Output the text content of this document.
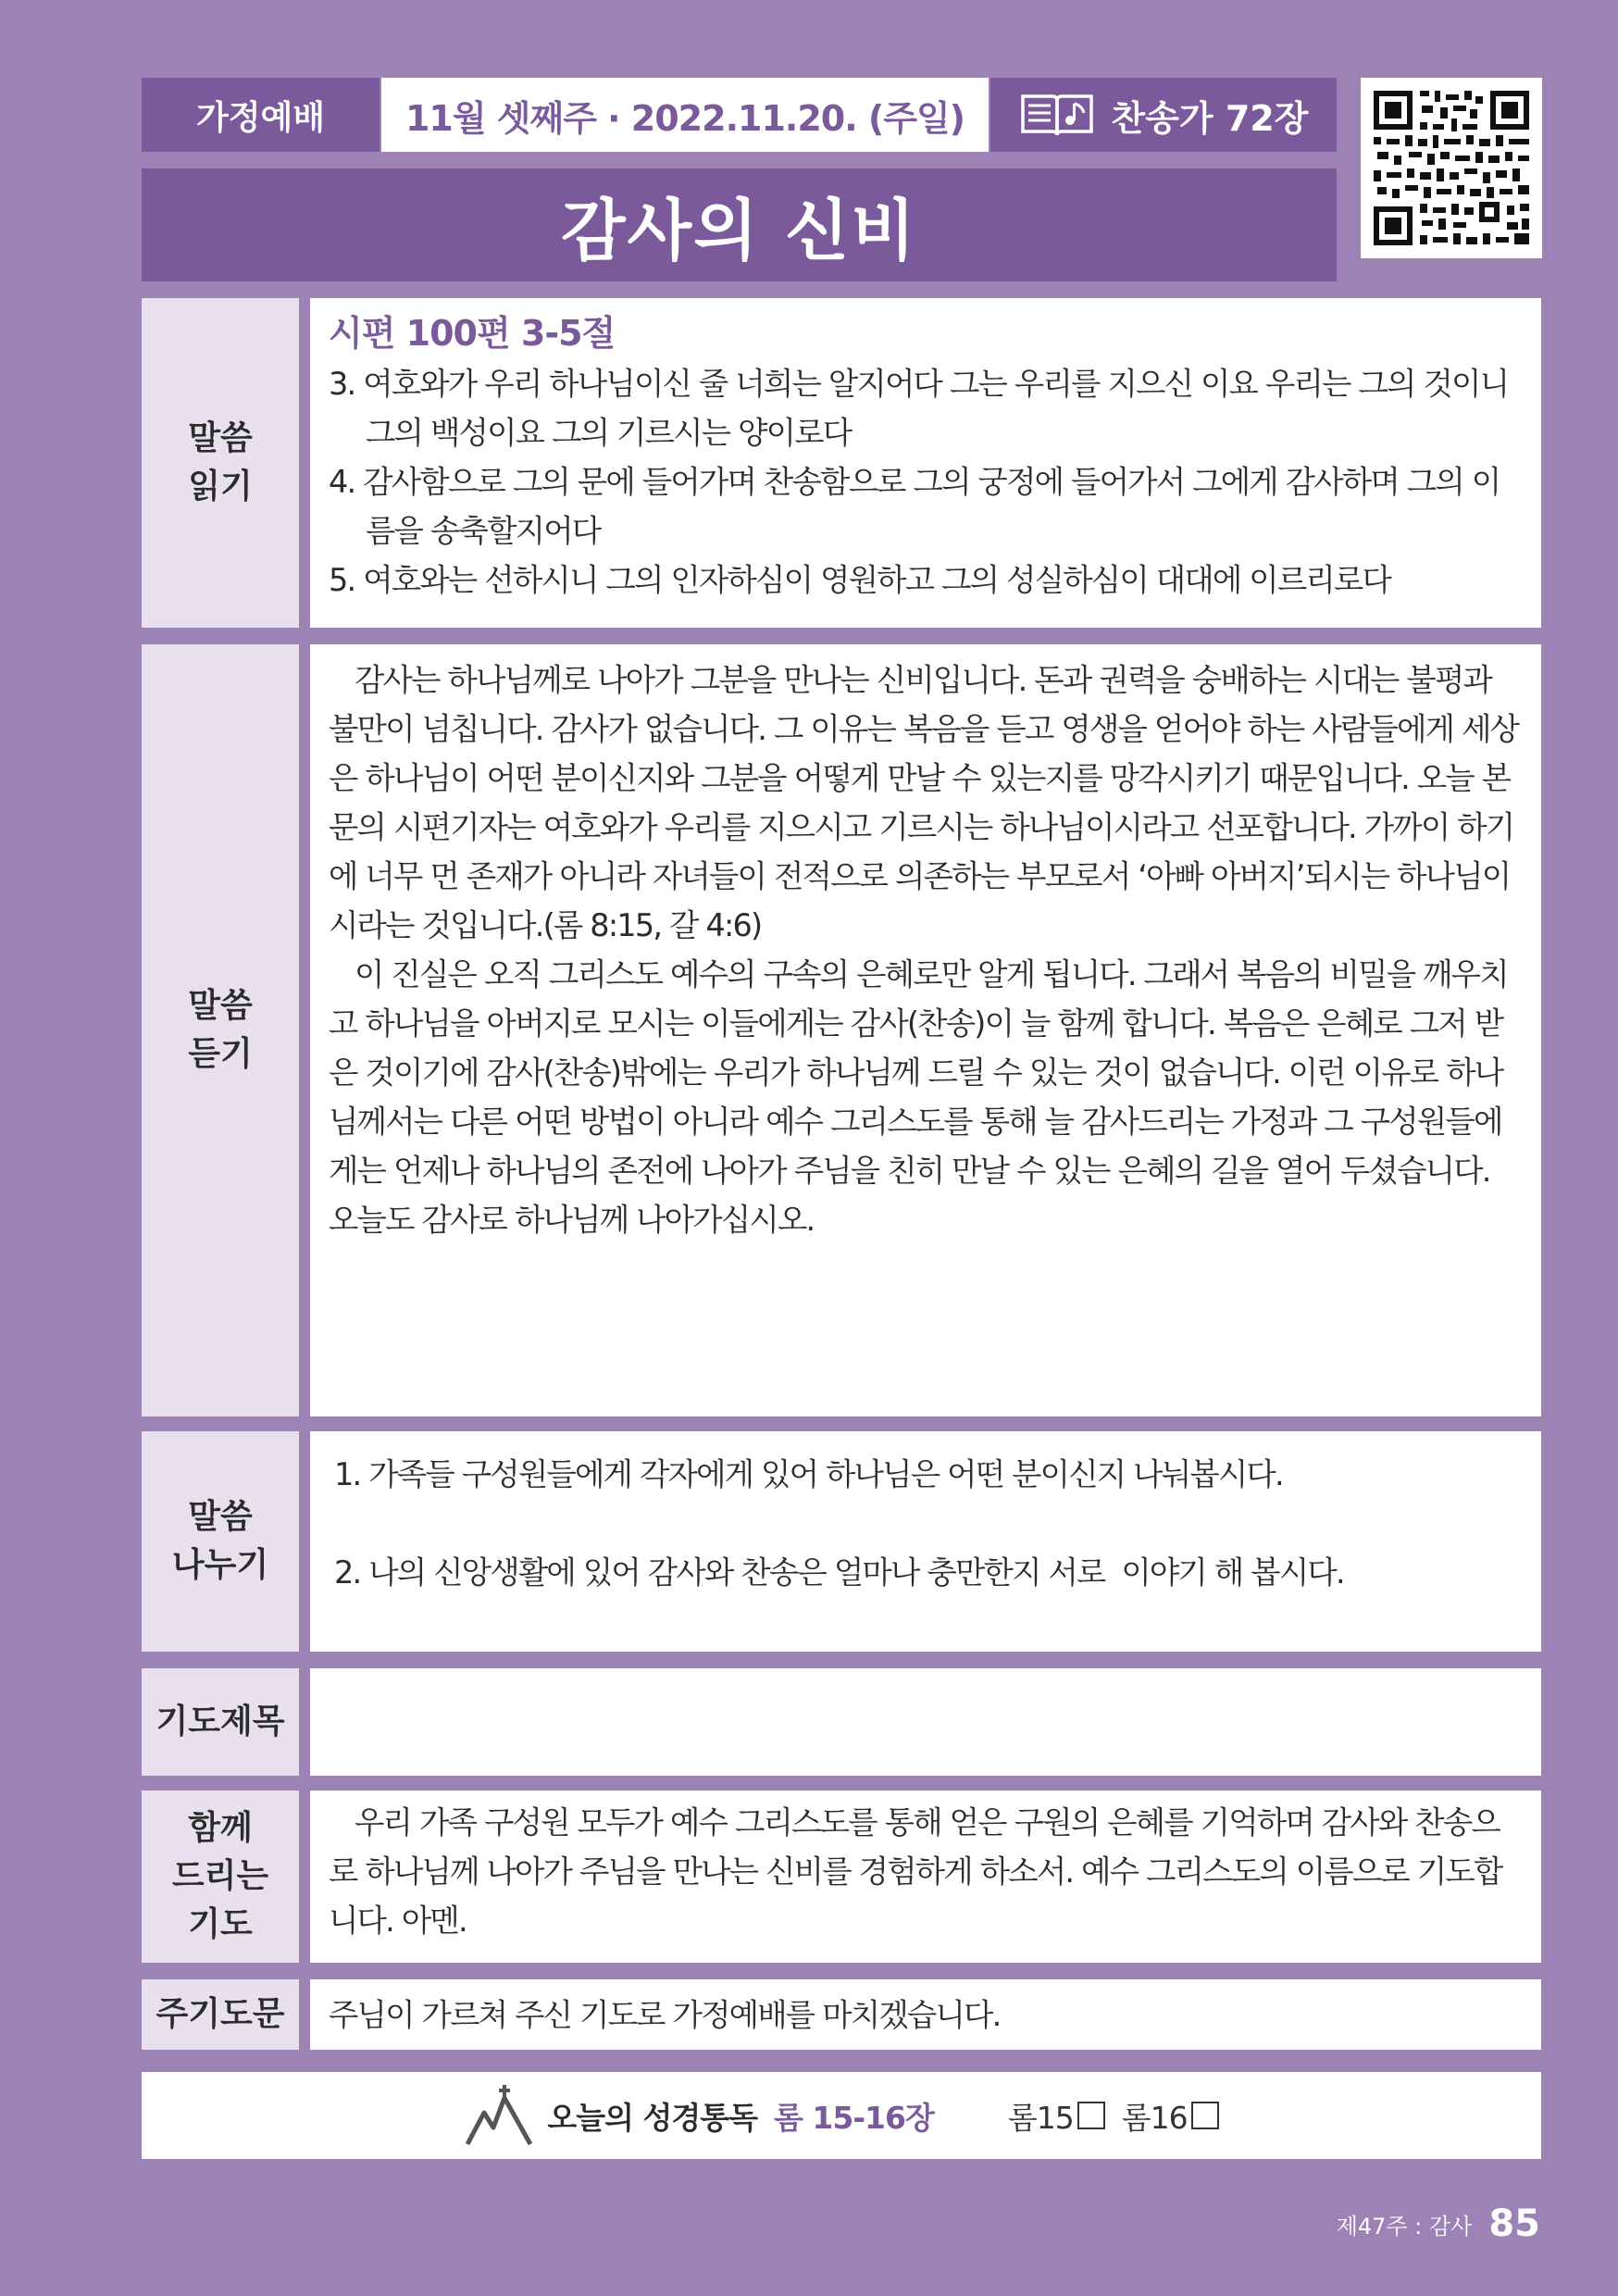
가정예배 11월 셋째주 · 2022.11.20. (주일)	찬송가 72장
감사의 신비
말씀
읽기
시편 100편 3-5절

3. 여호와가 우리 하나님이신 줄 너희는 알지어다 그는 우리를 지으신 이요 우리는 그의 것이니 그의 백성이요 그의 기르시는 양이로다

4. 감사함으로 그의 문에 들어가며 찬송함으로 그의 궁정에 들어가서 그에게 감사하며 그의 이름을 송축할지어다

5. 여호와는 선하시니 그의 인자하심이 영원하고 그의 성실하심이 대대에 이르리로다

말씀
듣기

감사는 하나님께로 나아가 그분을 만나는 신비입니다. 돈과 권력을 숭배하는 시대는 불평과 불만이 넘칩니다. 감사가 없습니다. 그 이유는 복음을 듣고 영생을 얻어야 하는 사람들에게 세상은 하나님이 어떤 분이신지와 그분을 어떻게 만날 수 있는지를 망각시키기 때문입니다. 오늘 본문의 시편기자는 여호와가 우리를 지으시고 기르시는 하나님이시라고 선포합니다. 가까이 하기에 너무 먼 존재가 아니라 자녀들이 전적으로 의존하는 부모로서 ‘아빠 아버지’되시는 하나님이시라는 것입니다.(롬 8:15, 갈 4:6)

이 진실은 오직 그리스도 예수의 구속의 은혜로만 알게 됩니다. 그래서 복음의 비밀을 깨우치고 하나님을 아버지로 모시는 이들에게는 감사(찬송)이 늘 함께 합니다. 복음은 은혜로 그저 받은 것이기에 감사(찬송)밖에는 우리가 하나님께 드릴 수 있는 것이 없습니다. 이런 이유로 하나님께서는 다른 어떤 방법이 아니라 예수 그리스도를 통해 늘 감사드리는 가정과 그 구성원들에게는 언제나 하나님의 존전에 나아가 주님을 친히 만날 수 있는 은혜의 길을 열어 두셨습니다. 오늘도 감사로 하나님께 나아가십시오.

말씀
나누기
1. 가족들 구성원들에게 각자에게 있어 하나님은 어떤 분이신지 나눠봅시다.
2. 나의 신앙생활에 있어 감사와 찬송은 얼마나 충만한지 서로  이야기 해 봅시다.
기도제목
함께
드리는
기도

우리 가족 구성원 모두가 예수 그리스도를 통해 얻은 구원의 은혜를 기억하며 감사와 찬송으로 하나님께 나아가 주님을 만나는 신비를 경험하게 하소서. 예수 그리스도의 이름으로 기도합니다. 아멘.

주기도문 주님이 가르쳐 주신 기도로 가정예배를 마치겠습니다.
오늘의 성경통독 롬 15-16장 롬15 롬16
제47주 : 감사 85
